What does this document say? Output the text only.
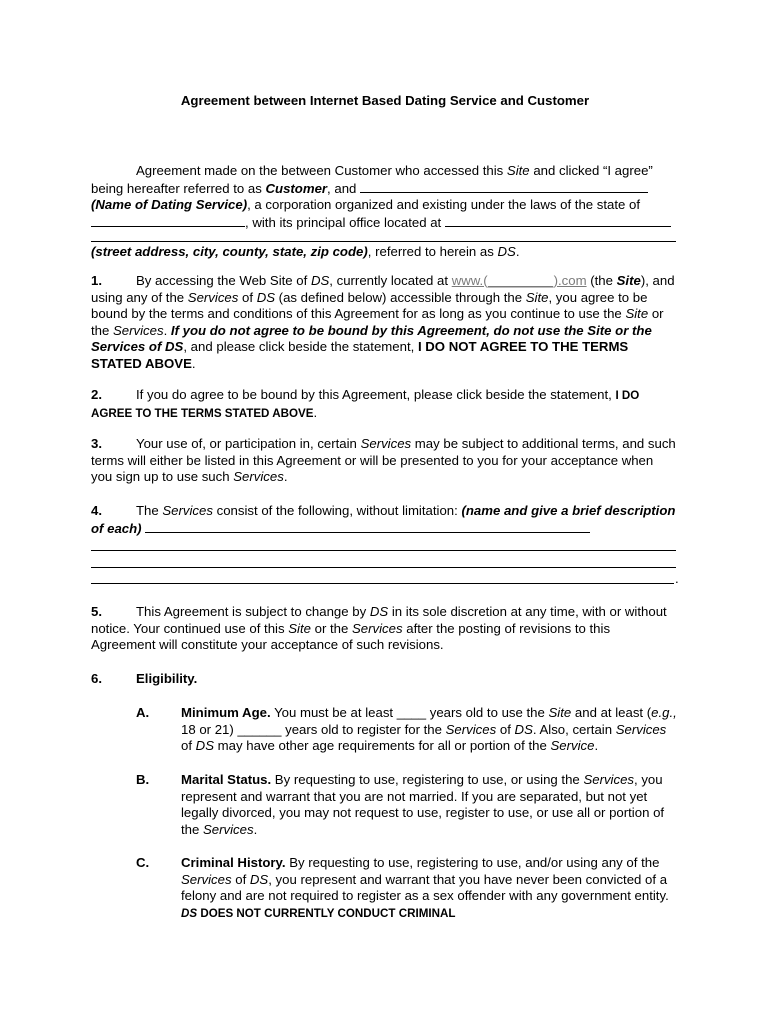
Agreement between Internet Based Dating Service and Customer
Agreement made on the between Customer who accessed this Site and clicked “I agree” being hereafter referred to as Customer, and  (Name of Dating Service), a corporation organized and existing under the laws of the state of , with its principal office located at
(street address, city, county, state, zip code), referred to herein as DS.
1.	By accessing the Web Site of DS, currently located at www.(_________).com (the Site), and using any of the Services of DS (as defined below) accessible through the Site, you agree to be bound by the terms and conditions of this Agreement for as long as you continue to use the Site or the Services. If you do not agree to be bound by this Agreement, do not use the Site or the Services of DS, and please click beside the statement, I DO NOT AGREE TO THE TERMS STATED ABOVE.
2.	If you do agree to be bound by this Agreement, please click beside the statement, I DO AGREE TO THE TERMS STATED ABOVE.
3.	Your use of, or participation in, certain Services may be subject to additional terms, and such terms will either be listed in this Agreement or will be presented to you for your acceptance when you sign up to use such Services.
4.	The Services consist of the following, without limitation: (name and give a brief description of each)
.
5.	This Agreement is subject to change by DS in its sole discretion at any time, with or without notice. Your continued use of this Site or the Services after the posting of revisions to this Agreement will constitute your acceptance of such revisions.
6.	Eligibility.
A. Minimum Age. You must be at least ____ years old to use the Site and at least (e.g., 18 or 21) ______ years old to register for the Services of DS. Also, certain Services of DS may have other age requirements for all or portion of the Service.
B. Marital Status. By requesting to use, registering to use, or using the Services, you represent and warrant that you are not married. If you are separated, but not yet legally divorced, you may not request to use, register to use, or use all or portion of the Services.
C. Criminal History. By requesting to use, registering to use, and/or using any of the Services of DS, you represent and warrant that you have never been convicted of a felony and are not required to register as a sex offender with any government entity. DS DOES NOT CURRENTLY CONDUCT CRIMINAL
